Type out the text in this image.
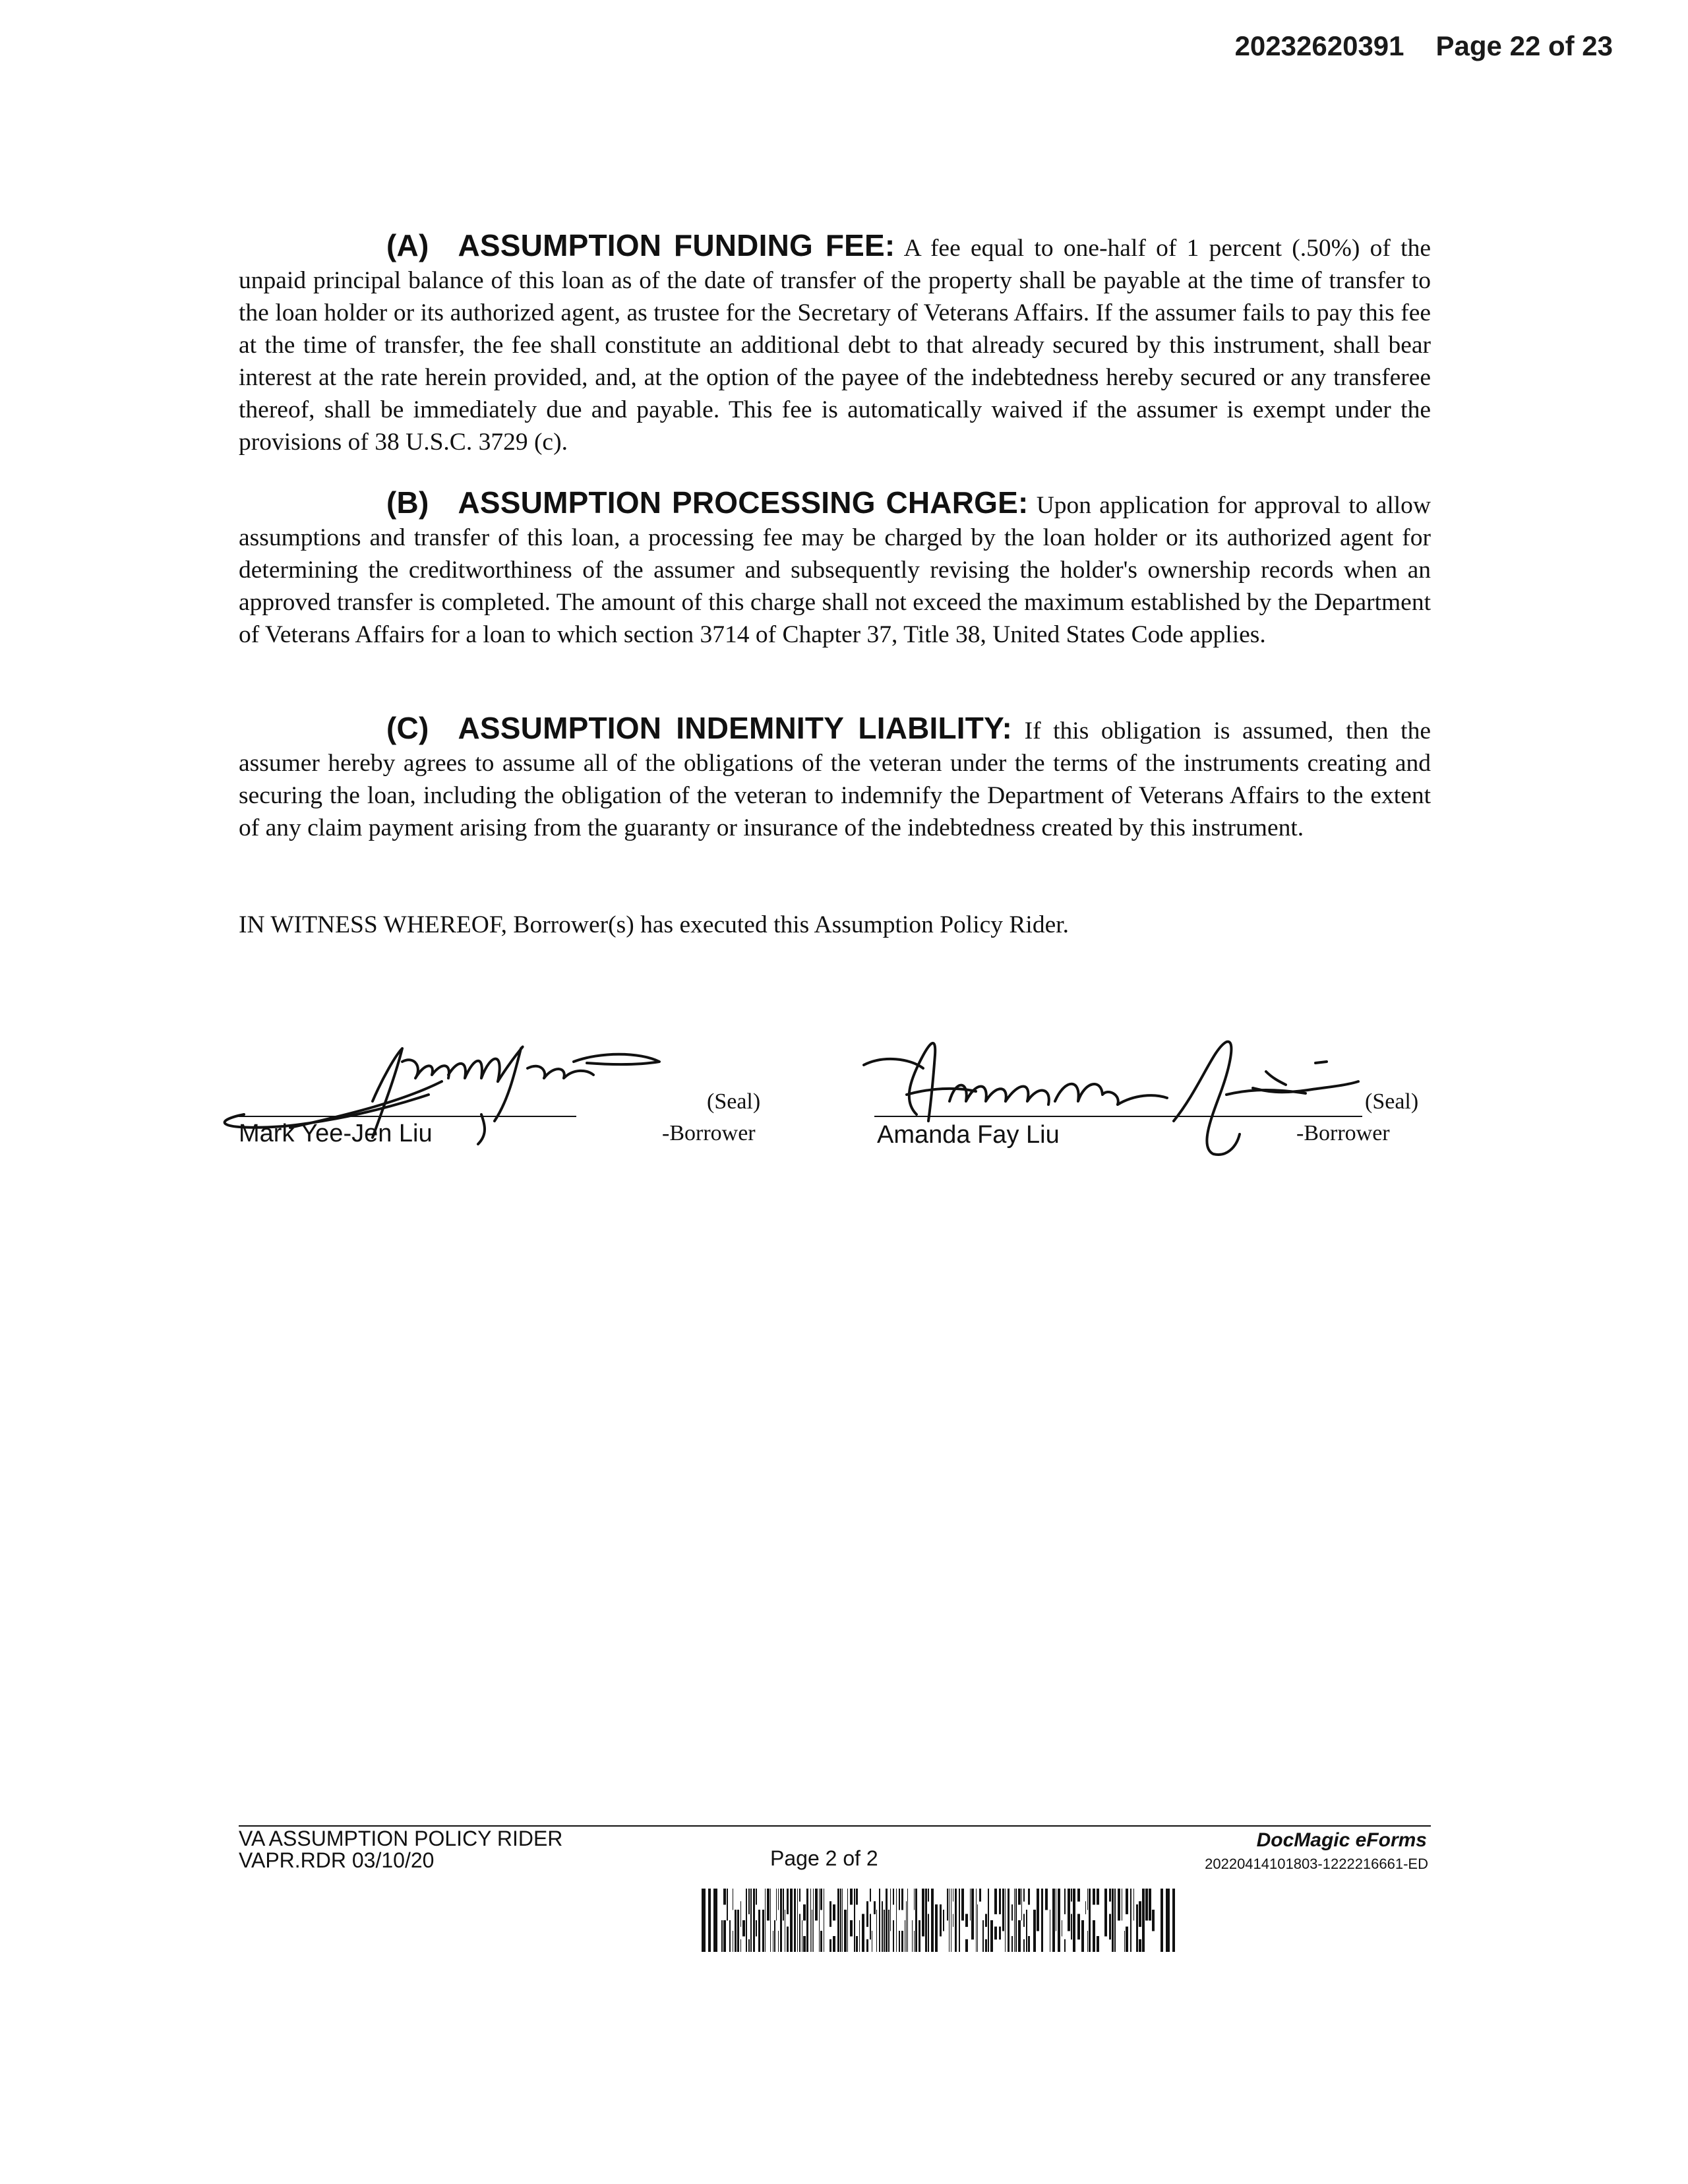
20232620391 Page 22 of 23

(A) ASSUMPTION FUNDING FEE: A fee equal to one-half of 1 percent (.50%) of the unpaid principal balance of this loan as of the date of transfer of the property shall be payable at the time of transfer to the loan holder or its authorized agent, as trustee for the Secretary of Veterans Affairs. If the assumer fails to pay this fee at the time of transfer, the fee shall constitute an additional debt to that already secured by this instrument, shall bear interest at the rate herein provided, and, at the option of the payee of the indebtedness hereby secured or any transferee thereof, shall be immediately due and payable. This fee is automatically waived if the assumer is exempt under the provisions of 38 U.S.C. 3729 (c).

(B) ASSUMPTION PROCESSING CHARGE: Upon application for approval to allow assumptions and transfer of this loan, a processing fee may be charged by the loan holder or its authorized agent for determining the creditworthiness of the assumer and subsequently revising the holder's ownership records when an approved transfer is completed. The amount of this charge shall not exceed the maximum established by the Department of Veterans Affairs for a loan to which section 3714 of Chapter 37, Title 38, United States Code applies.

(C) ASSUMPTION INDEMNITY LIABILITY: If this obligation is assumed, then the assumer hereby agrees to assume all of the obligations of the veteran under the terms of the instruments creating and securing the loan, including the obligation of the veteran to indemnify the Department of Veterans Affairs to the extent of any claim payment arising from the guaranty or insurance of the indebtedness created by this instrument.

IN WITNESS WHEREOF, Borrower(s) has executed this Assumption Policy Rider.
(Seal)
Mark Yee-Jen Liu	-Borrower
(Seal)
Amanda Fay Liu	-Borrower
VA ASSUMPTION POLICY RIDER
VAPR.RDR 03/10/20	Page 2 of 2
DocMagic eForms
20220414101803-1222216661-ED
